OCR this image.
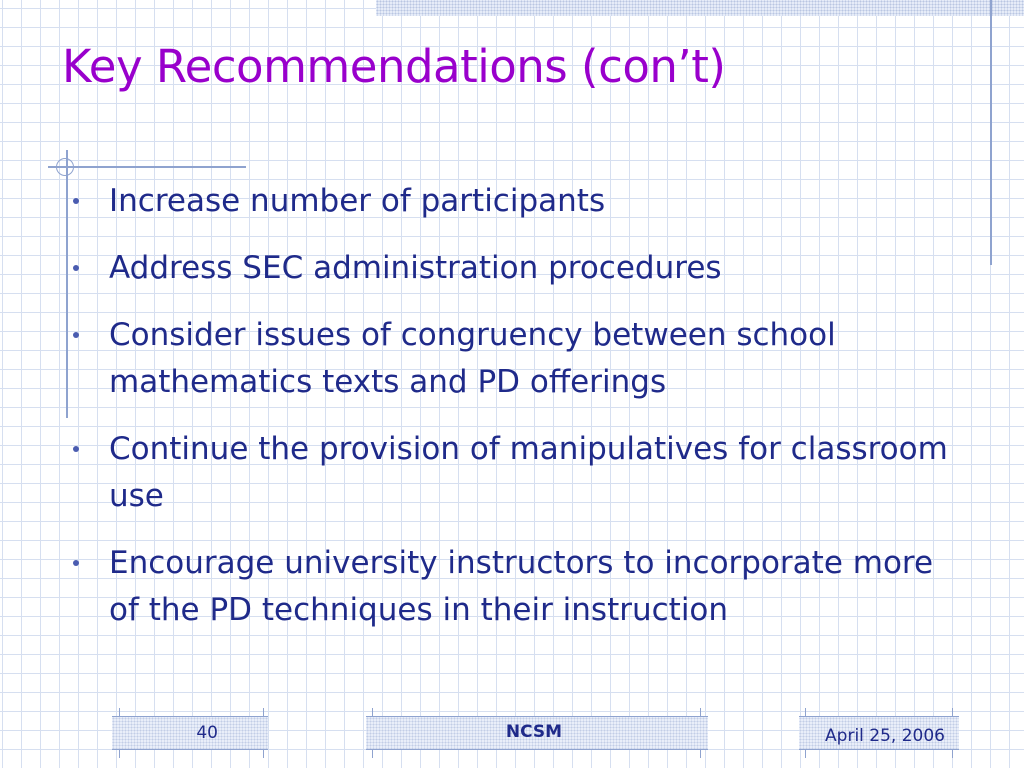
Key Recommendations (con’t)
Increase number of participants
Address SEC administration procedures
Consider issues of congruency between school mathematics texts and PD offerings
Continue the provision of manipulatives for classroom use
Encourage university instructors to incorporate more of the PD techniques in their instruction
40	NCSM	April 25, 2006
